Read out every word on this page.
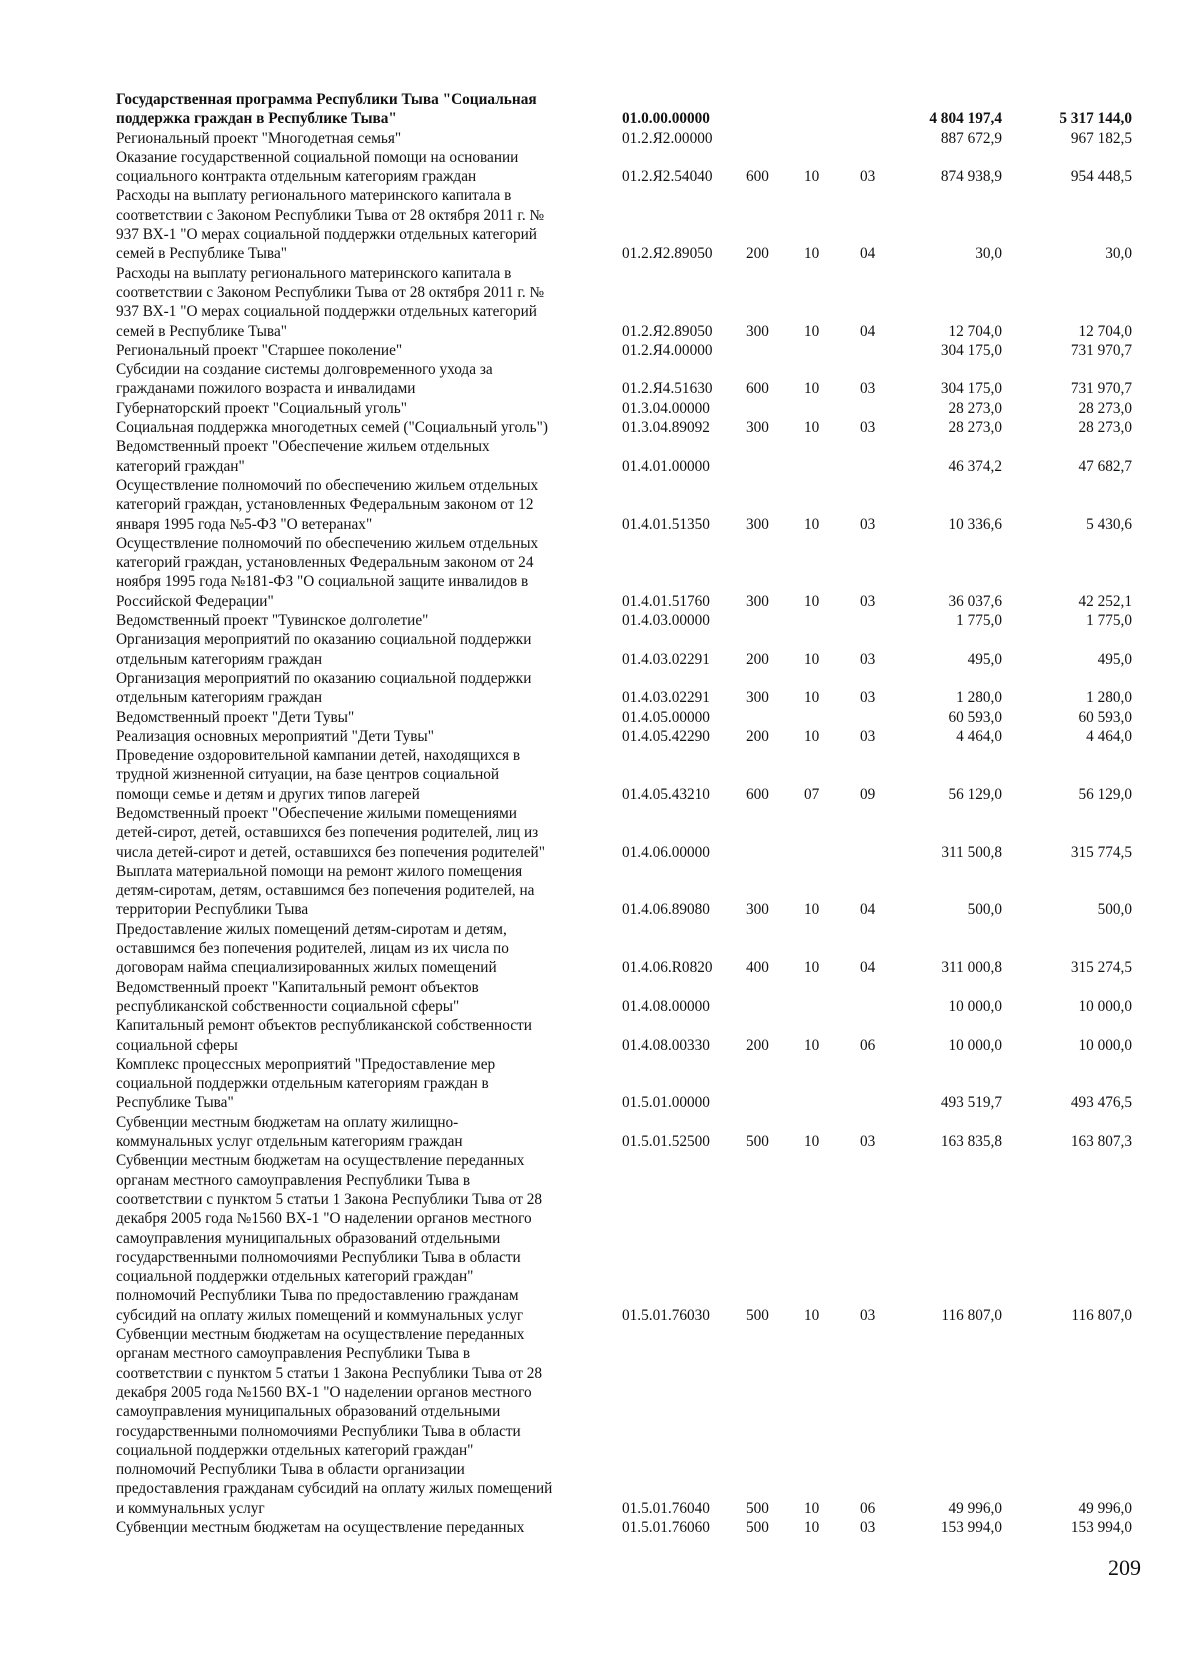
Государственная программа Республики Тыва "Социальная
поддержка граждан в Республике Тыва"	01.0.00.00000	4 804 197,4	5 317 144,0
Региональный проект "Многодетная семья"	01.2.Я2.00000	887 672,9	967 182,5
Оказание государственной социальной помощи на основании
социального контракта отдельным категориям граждан	01.2.Я2.54040 600 10	03	874 938,9	954 448,5
Расходы на выплату регионального материнского капитала в
соответствии с Законом Республики Тыва от 28 октября 2011 г. №
937 ВХ-1 "О мерах социальной поддержки отдельных категорий
семей в Республике Тыва"	01.2.Я2.89050 200 10	04	30,0	30,0
Расходы на выплату регионального материнского капитала в
соответствии с Законом Республики Тыва от 28 октября 2011 г. №
937 ВХ-1 "О мерах социальной поддержки отдельных категорий
семей в Республике Тыва"	01.2.Я2.89050 300 10	04	12 704,0	12 704,0
Региональный проект "Старшее поколение"	01.2.Я4.00000	304 175,0	731 970,7
Субсидии на создание системы долговременного ухода за
гражданами пожилого возраста и инвалидами	01.2.Я4.51630 600 10	03	304 175,0	731 970,7
Губернаторский проект "Социальный уголь"	01.3.04.00000	28 273,0	28 273,0
Социальная поддержка многодетных семей ("Социальный уголь")	01.3.04.89092 300 10	03	28 273,0	28 273,0
Ведомственный проект "Обеспечение жильем отдельных
категорий граждан"	01.4.01.00000	46 374,2	47 682,7
Осуществление полномочий по обеспечению жильем отдельных
категорий граждан, установленных Федеральным законом от 12
января 1995 года №5-ФЗ "О ветеранах"	01.4.01.51350 300 10	03	10 336,6	5 430,6
Осуществление полномочий по обеспечению жильем отдельных
категорий граждан, установленных Федеральным законом от 24
ноября 1995 года №181-ФЗ "О социальной защите инвалидов в
Российской Федерации"	01.4.01.51760 300 10	03	36 037,6	42 252,1
Ведомственный проект "Тувинское долголетие"	01.4.03.00000	1 775,0	1 775,0
Организация мероприятий по оказанию социальной поддержки
отдельным категориям граждан	01.4.03.02291 200 10	03	495,0	495,0
Организация мероприятий по оказанию социальной поддержки
отдельным категориям граждан	01.4.03.02291 300 10	03	1 280,0	1 280,0
Ведомственный проект "Дети Тувы"	01.4.05.00000	60 593,0	60 593,0
Реализация основных мероприятий "Дети Тувы"	01.4.05.42290 200 10	03	4 464,0	4 464,0
Проведение оздоровительной кампании детей, находящихся в
трудной жизненной ситуации, на базе центров социальной
помощи семье и детям и других типов лагерей	01.4.05.43210 600 07	09	56 129,0	56 129,0
Ведомственный проект "Обеспечение жилыми помещениями
детей-сирот, детей, оставшихся без попечения родителей, лиц из
числа детей-сирот и детей, оставшихся без попечения родителей"	01.4.06.00000	311 500,8	315 774,5
Выплата материальной помощи на ремонт жилого помещения
детям-сиротам, детям, оставшимся без попечения родителей, на
территории Республики Тыва	01.4.06.89080 300 10	04	500,0	500,0
Предоставление жилых помещений детям-сиротам и детям,
оставшимся без попечения родителей, лицам из их числа по
договорам найма специализированных жилых помещений	01.4.06.R0820 400 10	04	311 000,8	315 274,5
Ведомственный проект "Капитальный ремонт объектов
республиканской собственности социальной сферы"	01.4.08.00000	10 000,0	10 000,0
Капитальный ремонт объектов республиканской собственности
социальной сферы	01.4.08.00330 200 10	06	10 000,0	10 000,0
Комплекс процессных мероприятий "Предоставление мер
социальной поддержки отдельным категориям граждан в
Республике Тыва"	01.5.01.00000	493 519,7	493 476,5
Субвенции местным бюджетам на оплату жилищно-
коммунальных услуг отдельным категориям граждан	01.5.01.52500 500 10	03	163 835,8	163 807,3
Субвенции местным бюджетам на осуществление переданных
органам местного самоуправления Республики Тыва в
соответствии с пунктом 5 статьи 1 Закона Республики Тыва от 28
декабря 2005 года №1560 ВХ-1 "О наделении органов местного
самоуправления муниципальных образований отдельными
государственными полномочиями Республики Тыва в области
социальной поддержки отдельных категорий граждан"
полномочий Республики Тыва по предоставлению гражданам
субсидий на оплату жилых помещений и коммунальных услуг	01.5.01.76030 500 10	03	116 807,0	116 807,0
Субвенции местным бюджетам на осуществление переданных
органам местного самоуправления Республики Тыва в
соответствии с пунктом 5 статьи 1 Закона Республики Тыва от 28
декабря 2005 года №1560 ВХ-1 "О наделении органов местного
самоуправления муниципальных образований отдельными
государственными полномочиями Республики Тыва в области
социальной поддержки отдельных категорий граждан"
полномочий Республики Тыва в области организации
предоставления гражданам субсидий на оплату жилых помещений
и коммунальных услуг	01.5.01.76040 500 10	06	49 996,0	49 996,0
Субвенции местным бюджетам на осуществление переданных	01.5.01.76060 500 10	03	153 994,0	153 994,0
209
